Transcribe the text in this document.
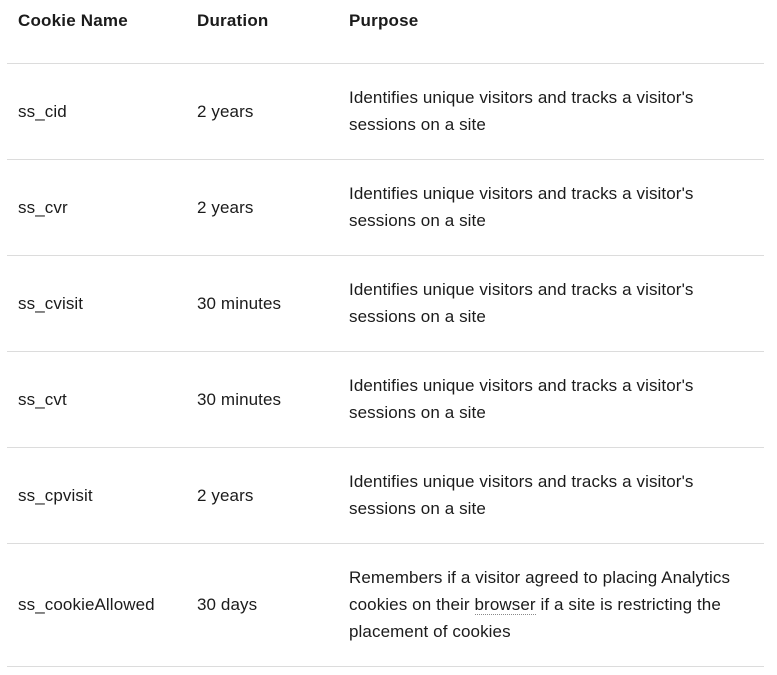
Cookie Name	Duration	Purpose
ss_cid	2 years	Identifies unique visitors and tracks a visitor's sessions on a site
ss_cvr	2 years	Identifies unique visitors and tracks a visitor's sessions on a site
ss_cvisit	30 minutes	Identifies unique visitors and tracks a visitor's sessions on a site
ss_cvt	30 minutes	Identifies unique visitors and tracks a visitor's sessions on a site
ss_cpvisit	2 years	Identifies unique visitors and tracks a visitor's sessions on a site
ss_cookieAllowed	30 days	Remembers if a visitor agreed to placing Analytics cookies on their browser if a site is restricting the placement of cookies
